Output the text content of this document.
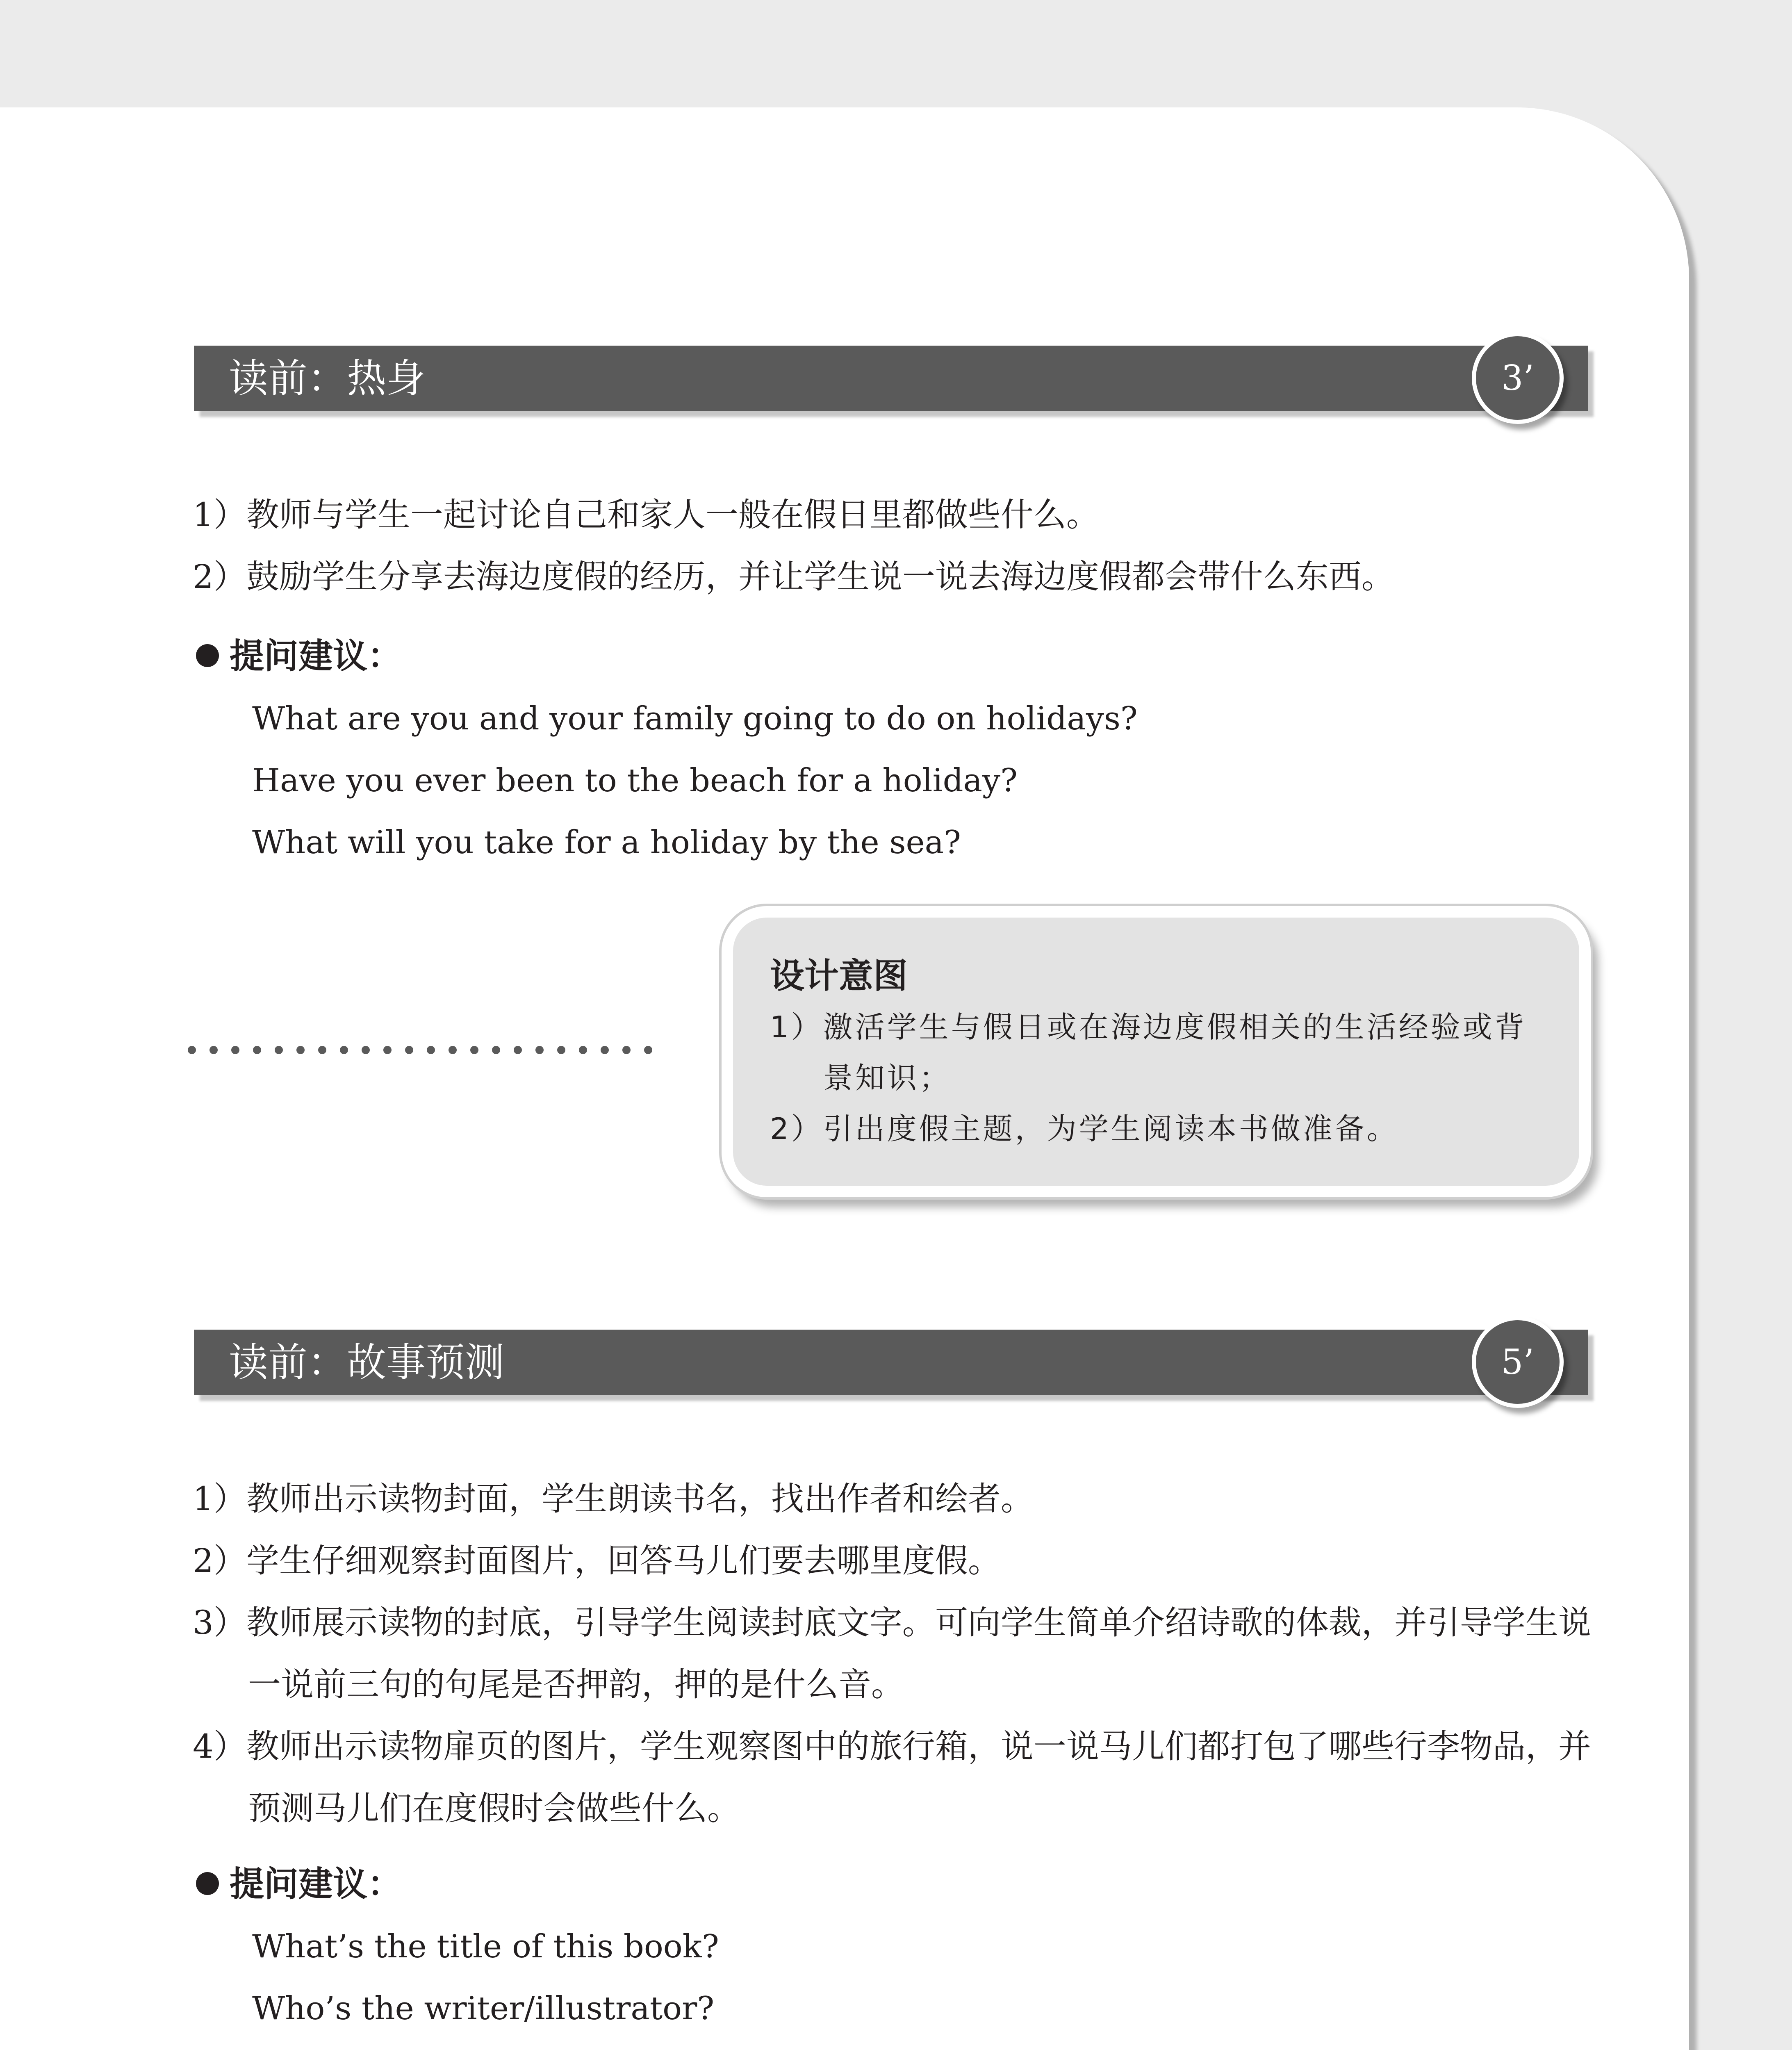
读前：热身	3’
1）教师与学生一起讨论自己和家人一般在假日里都做些什么。
2）鼓励学生分享去海边度假的经历，并让学生说一说去海边度假都会带什么东西。
提问建议：
What are you and your family going to do on holidays?
Have you ever been to the beach for a holiday?
What will you take for a holiday by the sea?
设计意图
1）激活学生与假日或在海边度假相关的生活经验或背景知识；
2）引出度假主题，为学生阅读本书做准备。
读前：故事预测	5’
1）教师出示读物封面，学生朗读书名，找出作者和绘者。
2）学生仔细观察封面图片，回答马儿们要去哪里度假。
3）教师展示读物的封底，引导学生阅读封底文字。可向学生简单介绍诗歌的体裁，并引导学生说一说前三句的句尾是否押韵，押的是什么音。
4）教师出示读物扉页的图片，学生观察图中的旅行箱，说一说马儿们都打包了哪些行李物品，并预测马儿们在度假时会做些什么。
提问建议：
What’s the title of this book?
Who’s the writer/illustrator?
